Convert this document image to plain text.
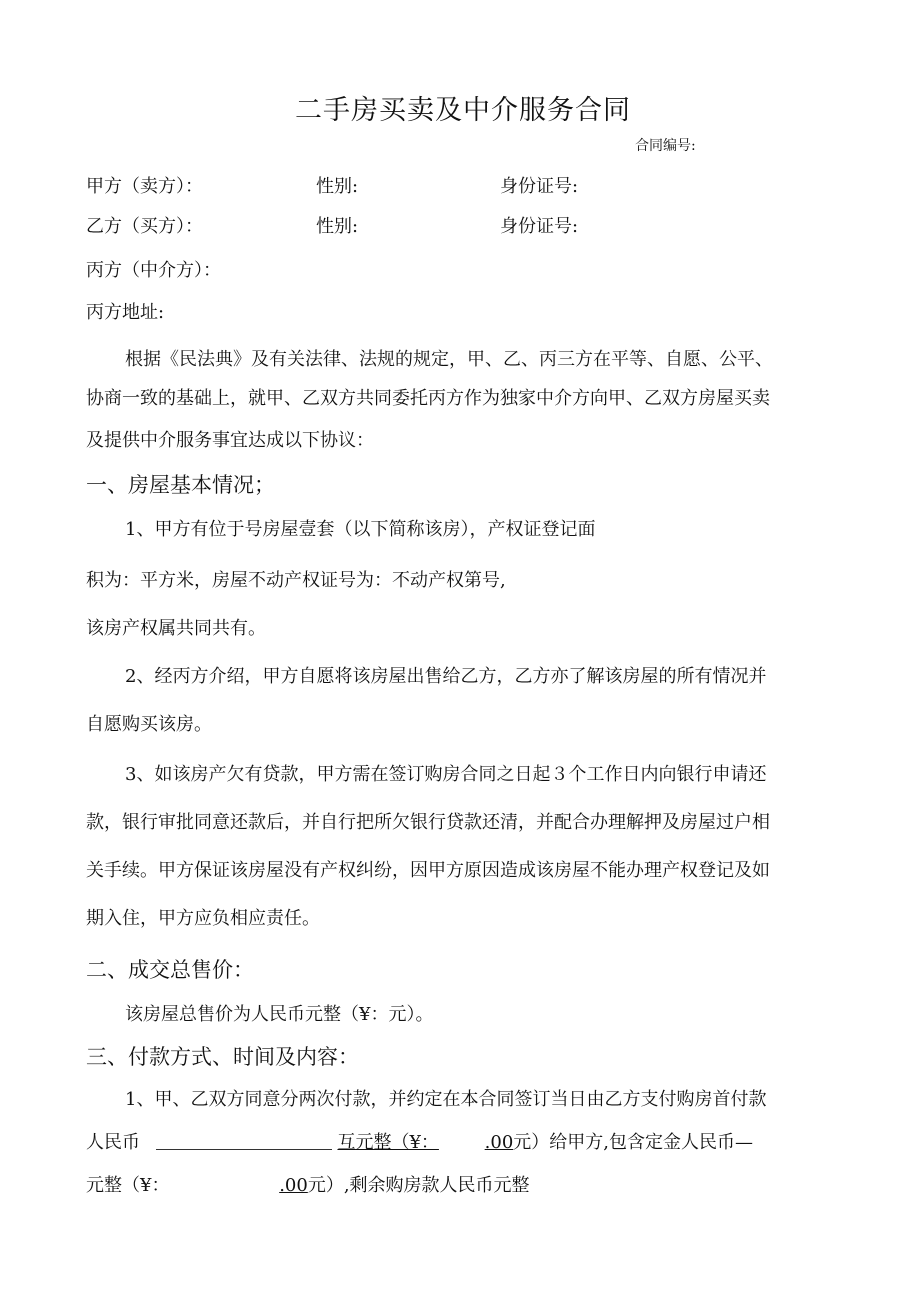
二手房买卖及中介服务合同
合同编号:
甲方（卖方）：	性别:	身份证号:
乙方（买方）：	性别:	身份证号:
丙方（中介方）：
丙方地址:
根据《民法典》及有关法律、法规的规定，甲、乙、丙三方在平等、自愿、公平、
协商一致的基础上，就甲、乙双方共同委托丙方作为独家中介方向甲、乙双方房屋买卖
及提供中介服务事宜达成以下协议：
一、房屋基本情况；
1、甲方有位于号房屋壹套（以下简称该房），产权证登记面
积为：平方米，房屋不动产权证号为：不动产权第号,
该房产权属共同共有。
2、经丙方介绍，甲方自愿将该房屋出售给乙方，乙方亦了解该房屋的所有情况并
自愿购买该房。
3、如该房产欠有贷款，甲方需在签订购房合同之日起３个工作日内向银行申请还
款，银行审批同意还款后，并自行把所欠银行贷款还清，并配合办理解押及房屋过户相
关手续。甲方保证该房屋没有产权纠纷，因甲方原因造成该房屋不能办理产权登记及如
期入住，甲方应负相应责任。
二、成交总售价：
该房屋总售价为人民币元整（¥：元）。
三、付款方式、时间及内容：
1、甲、乙双方同意分两次付款，并约定在本合同签订当日由乙方支付购房首付款
人民币	互元整（¥：	.00元）给甲方,包含定金人民币—
元整（¥：	.00元）,剩余购房款人民币元整
